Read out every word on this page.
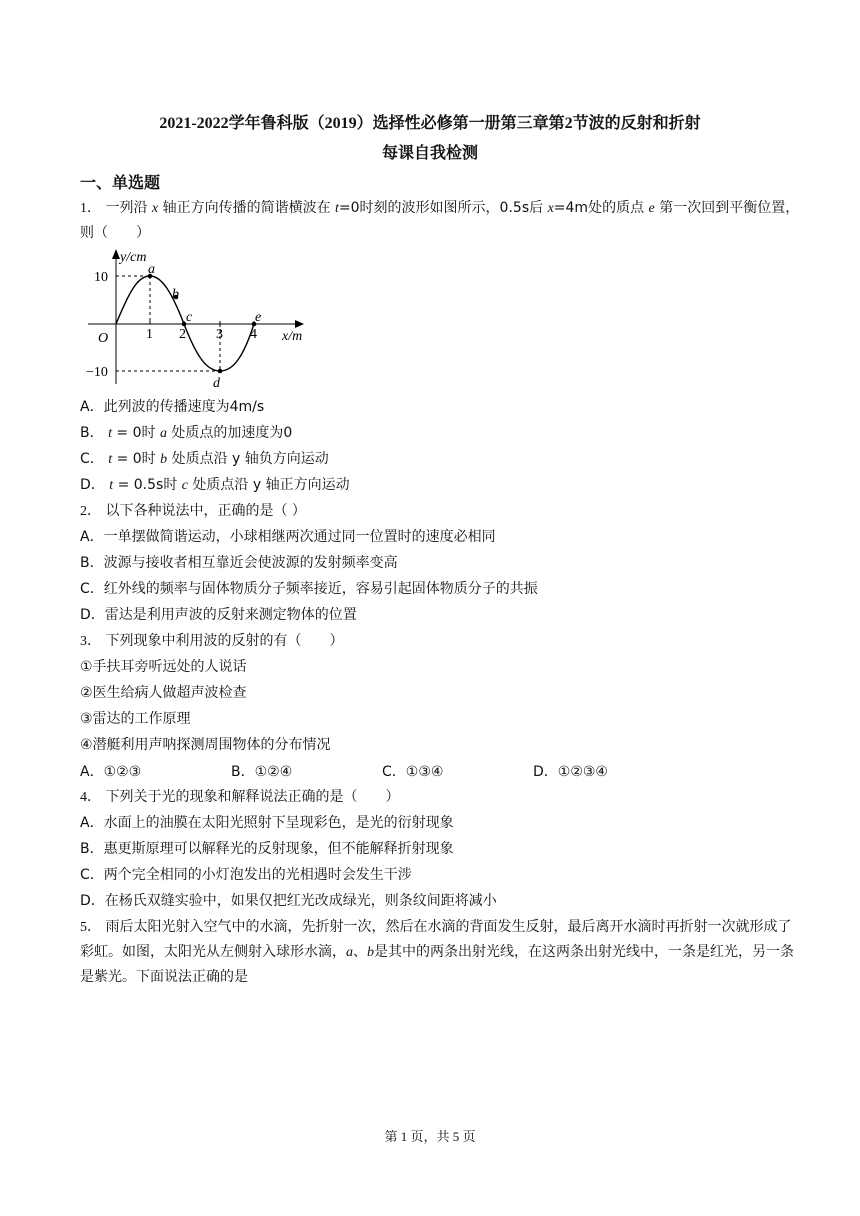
2021-2022学年鲁科版（2019）选择性必修第一册第三章第2节波的反射和折射
每课自我检测
一、单选题
1． 一列沿 x 轴正方向传播的简谐横波在 t=0时刻的波形如图所示，0.5s后 x=4m处的质点 e 第一次回到平衡位置，则（　　）
y/cm
x/m
O
10
−10
1 2 3 4
a
b
c
d
e
A．此列波的传播速度为4m/s
B． t = 0时 a 处质点的加速度为0
C． t = 0时 b 处质点沿 y 轴负方向运动
D． t = 0.5s时 c 处质点沿 y 轴正方向运动
2． 以下各种说法中，正确的是（ ）
A．一单摆做简谐运动，小球相继两次通过同一位置时的速度必相同
B．波源与接收者相互靠近会使波源的发射频率变高
C．红外线的频率与固体物质分子频率接近，容易引起固体物质分子的共振
D．雷达是利用声波的反射来测定物体的位置
3． 下列现象中利用波的反射的有（　　）
①手扶耳旁听远处的人说话
②医生给病人做超声波检查
③雷达的工作原理
④潜艇利用声呐探测周围物体的分布情况
A．①②③	B．①②④	C．①③④	D．①②③④
4． 下列关于光的现象和解释说法正确的是（　　）
A．水面上的油膜在太阳光照射下呈现彩色，是光的衍射现象
B．惠更斯原理可以解释光的反射现象，但不能解释折射现象
C．两个完全相同的小灯泡发出的光相遇时会发生干涉
D．在杨氏双缝实验中，如果仅把红光改成绿光，则条纹间距将减小
5． 雨后太阳光射入空气中的水滴，先折射一次，然后在水滴的背面发生反射，最后离开水滴时再折射一次就形成了彩虹。如图，太阳光从左侧射入球形水滴，a、b是其中的两条出射光线，在这两条出射光线中，一条是红光，另一条是紫光。下面说法正确的是
第 1 页，共 5 页
